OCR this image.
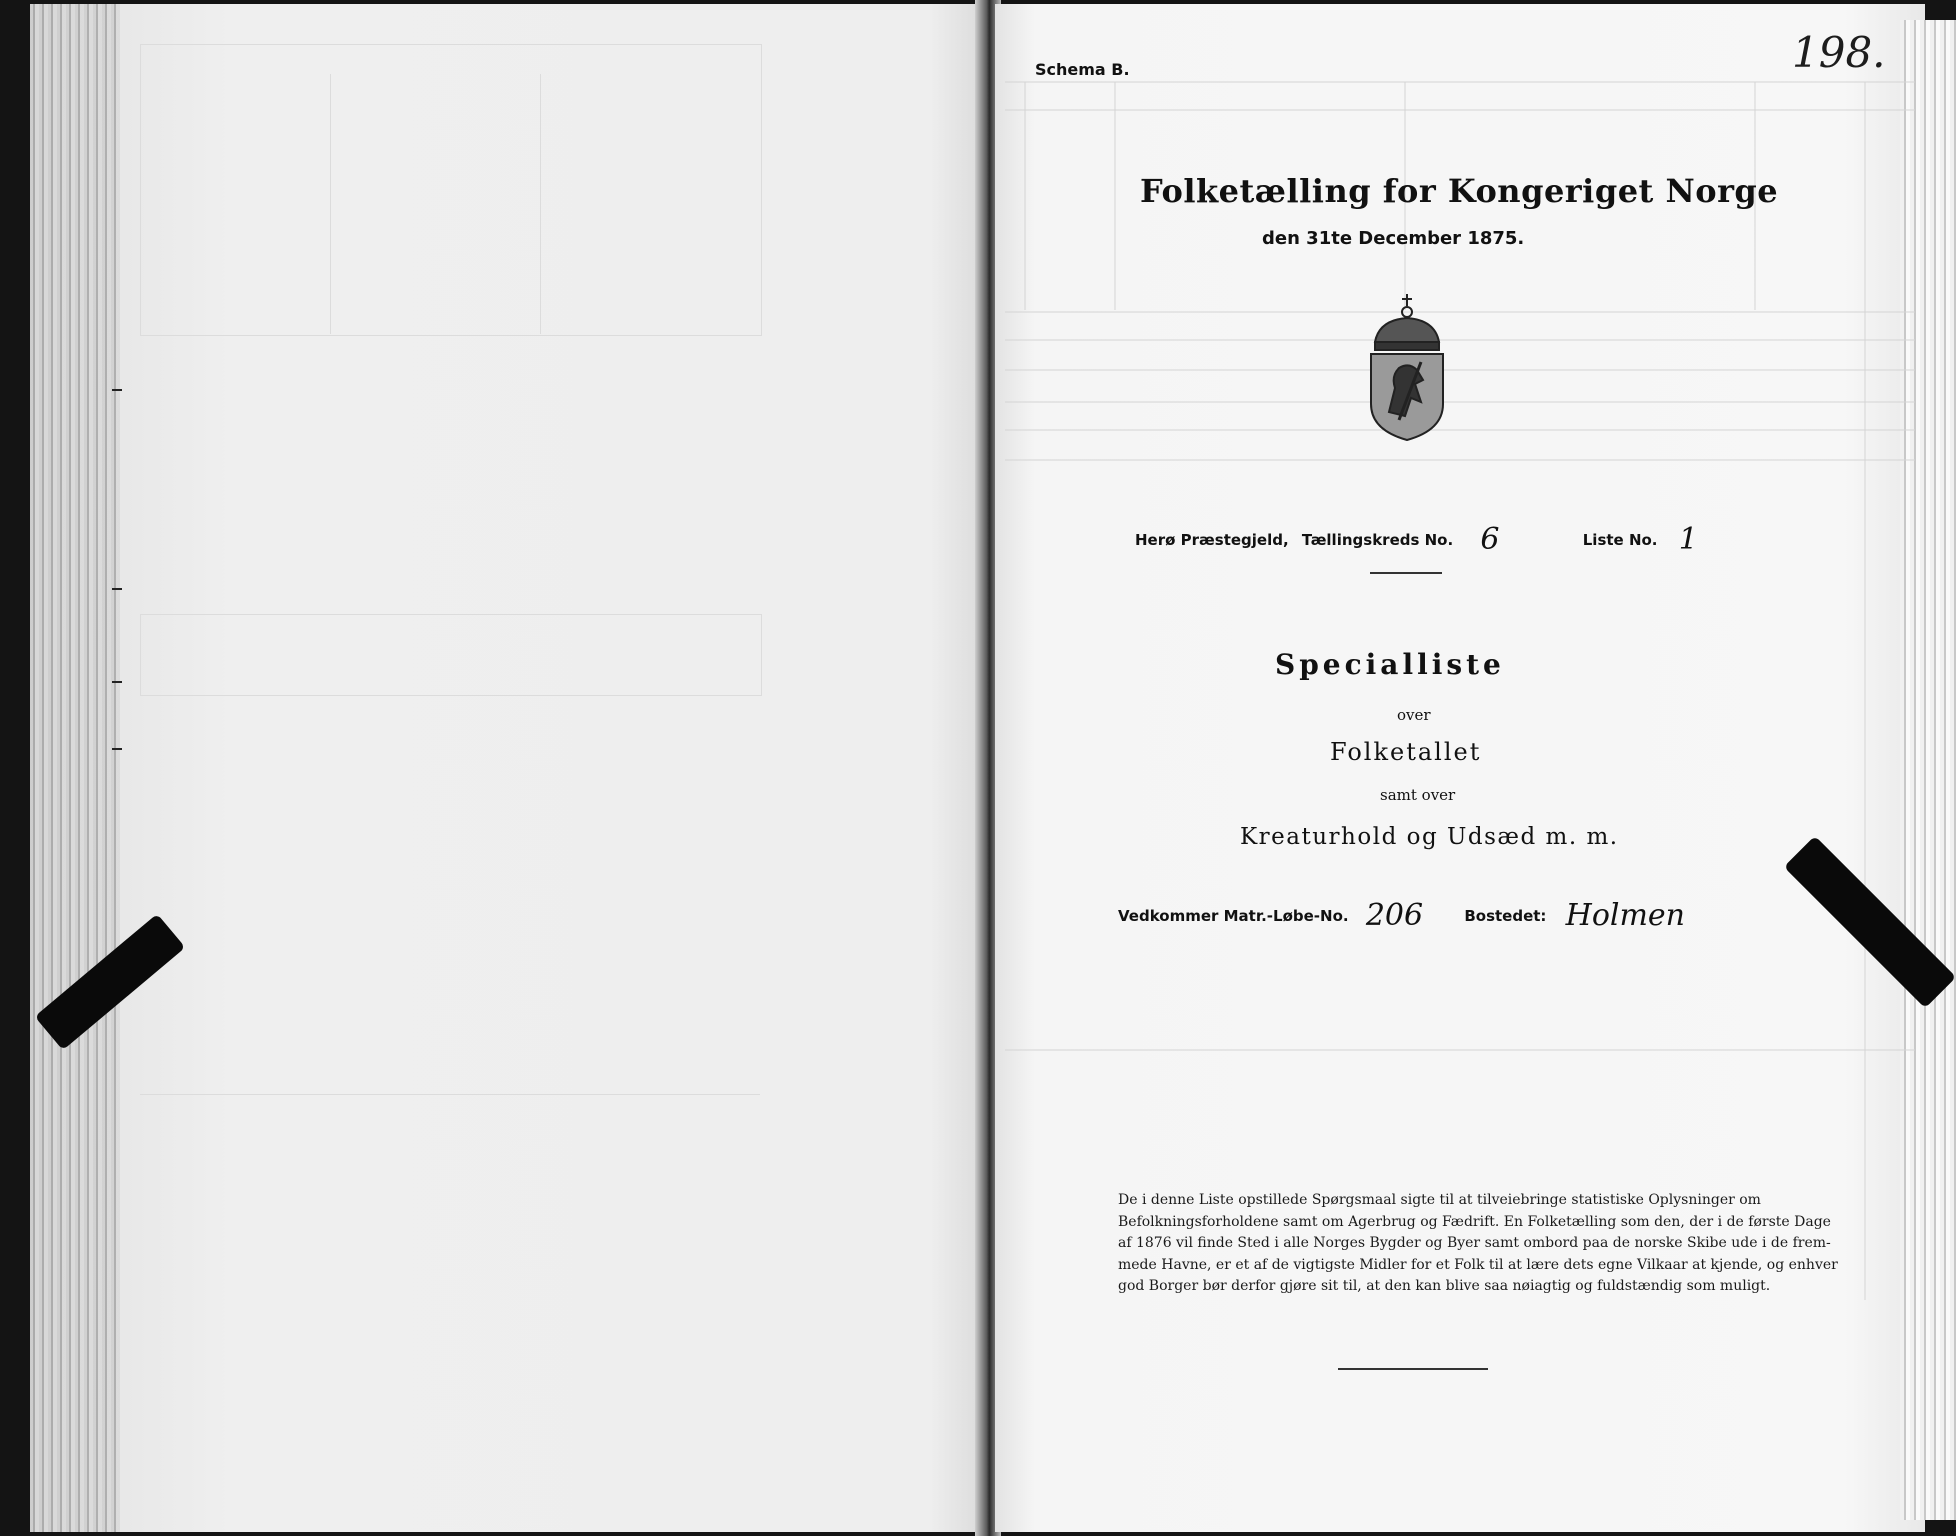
Schema B.	198.
Folketælling for Kongeriget Norge
den 31te December 1875.
Herø Præstegjeld, Tællingskreds No. 6	Liste No. 1
Specialliste
over
Folketallet
samt over
Kreaturhold og Udsæd m. m.
Vedkommer Matr.-Løbe-No. 206	Bostedet: Holmen
De i denne Liste opstillede Spørgsmaal sigte til at tilveiebringe statistiske Oplysninger om
Befolkningsforholdene samt om Agerbrug og Fædrift. En Folketælling som den, der i de første Dage
af 1876 vil finde Sted i alle Norges Bygder og Byer samt ombord paa de norske Skibe ude i de frem-
mede Havne, er et af de vigtigste Midler for et Folk til at lære dets egne Vilkaar at kjende, og enhver
god Borger bør derfor gjøre sit til, at den kan blive saa nøiagtig og fuldstændig som muligt.
